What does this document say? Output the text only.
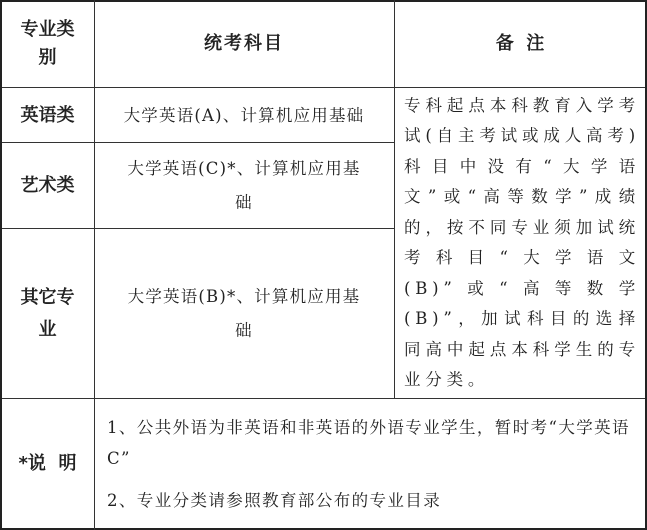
专业类
别
统考科目	备  注
英语类	大学英语(A)、计算机应用基础
艺术类
大学英语(C)*、计算机应用基
础
其它专
业
大学英语(B)*、计算机应用基
础
专科起点本科教育入学考试(自主考试或成人高考)科目中没有“大学语文”或“高等数学”成绩的，按不同专业须加试统考科目“大学语文(B)”或“高等数学(B)”，加试科目的选择同高中起点本科学生的专业分类。
*说  明

1、公共外语为非英语和非英语的外语专业学生，暂时考“大学英语 C”

2、专业分类请参照教育部公布的专业目录
